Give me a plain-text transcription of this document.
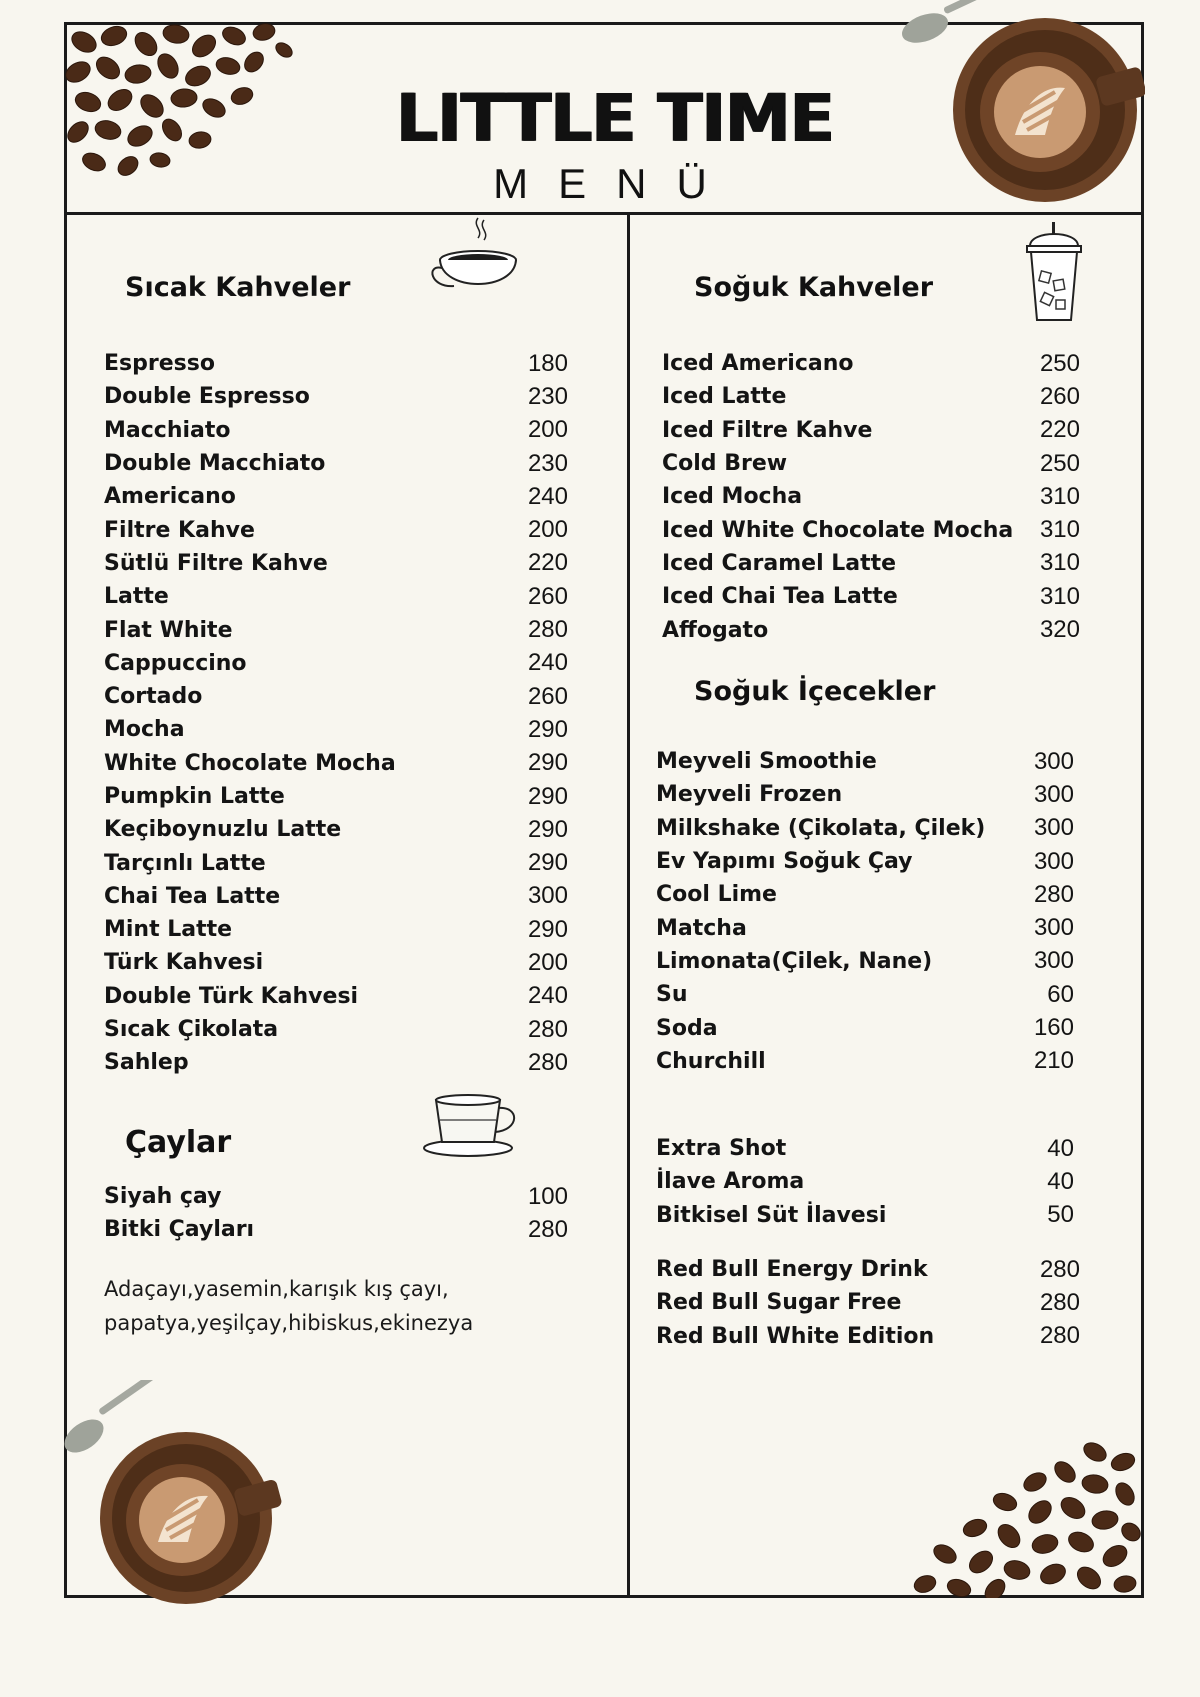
LITTLE TIME
MENÜ
Sıcak Kahveler
Espresso	180
Double Espresso	230
Macchiato	200
Double Macchiato	230
Americano	240
Filtre Kahve	200
Sütlü Filtre Kahve	220
Latte	260
Flat White	280
Cappuccino	240
Cortado	260
Mocha	290
White Chocolate Mocha	290
Pumpkin Latte	290
Keçiboynuzlu Latte	290
Tarçınlı Latte	290
Chai Tea Latte	300
Mint Latte	290
Türk Kahvesi	200
Double Türk Kahvesi	240
Sıcak Çikolata	280
Sahlep	280
Çaylar
Siyah çay	100
Bitki Çayları	280
Adaçayı,yasemin,karışık kış çayı,
papatya,yeşilçay,hibiskus,ekinezya
Soğuk Kahveler
Iced Americano	250
Iced Latte	260
Iced Filtre Kahve	220
Cold Brew	250
Iced Mocha	310
Iced White Chocolate Mocha 310
Iced Caramel Latte	310
Iced Chai Tea Latte	310
Affogato	320
Soğuk İçecekler
Meyveli Smoothie	300
Meyveli Frozen	300
Milkshake (Çikolata, Çilek) 300
Ev Yapımı Soğuk Çay	300
Cool Lime	280
Matcha	300
Limonata(Çilek, Nane)	300
Su	60
Soda	160
Churchill	210
Extra Shot	40
İlave Aroma	40
Bitkisel Süt İlavesi	50
Red Bull Energy Drink	280
Red Bull Sugar Free	280
Red Bull White Edition	280
